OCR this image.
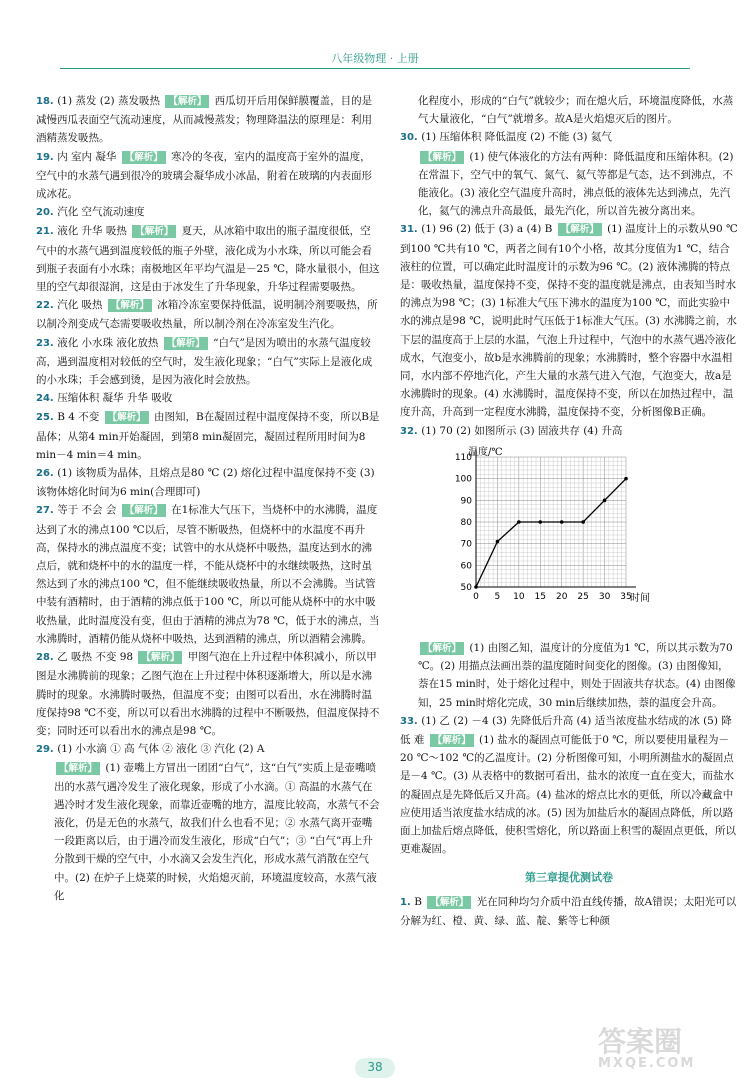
八年级物理 · 上册
18. (1) 蒸发 (2) 蒸发吸热 【解析】 西瓜切开后用保鲜膜覆盖，目的是减慢西瓜表面空气流动速度，从而减慢蒸发；物理降温法的原理是：利用酒精蒸发吸热。
19. 内 室内 凝华 【解析】 寒冷的冬夜，室内的温度高于室外的温度，空气中的水蒸气遇到很冷的玻璃会凝华成小冰晶，附着在玻璃的内表面形成冰花。
20. 汽化 空气流动速度
21. 液化 升华 吸热 【解析】 夏天，从冰箱中取出的瓶子温度很低，空气中的水蒸气遇到温度较低的瓶子外壁，液化成为小水珠，所以可能会看到瓶子表面有小水珠；南极地区年平均气温是－25 ℃，降水量很小，但这里的空气却很湿润，这是由于冰发生了升华现象，升华过程需要吸热。
22. 汽化 吸热 【解析】 冰箱冷冻室要保持低温，说明制冷剂要吸热，所以制冷剂变成气态需要吸收热量，所以制冷剂在冷冻室发生汽化。
23. 液化 小水珠 液化放热 【解析】 “白气”是因为喷出的水蒸气温度较高，遇到温度相对较低的空气时，发生液化现象；“白气”实际上是液化成的小水珠；手会感到烫，是因为液化时会放热。
24. 压缩体积 凝华 升华 吸收
25. B 4 不变 【解析】 由图知，B在凝固过程中温度保持不变，所以B是晶体；从第4 min开始凝固，到第8 min凝固完，凝固过程所用时间为8 min－4 min＝4 min。
26. (1) 该物质为晶体，且熔点是80 ℃ (2) 熔化过程中温度保持不变 (3) 该物体熔化时间为6 min(合理即可)
27. 等于 不会 会 【解析】 在1标准大气压下，当烧杯中的水沸腾，温度达到了水的沸点100 ℃以后，尽管不断吸热，但烧杯中的水温度不再升高，保持水的沸点温度不变；试管中的水从烧杯中吸热，温度达到水的沸点后，就和烧杯中的水的温度一样，不能从烧杯中的水继续吸热，这时虽然达到了水的沸点100 ℃，但不能继续吸收热量，所以不会沸腾。当试管中装有酒精时，由于酒精的沸点低于100 ℃，所以可能从烧杯中的水中吸收热量，此时温度没有变，但由于酒精的沸点为78 ℃，低于水的沸点，当水沸腾时，酒精仍能从烧杯中吸热，达到酒精的沸点，所以酒精会沸腾。
28. 乙 吸热 不变 98 【解析】 甲图气泡在上升过程中体积减小，所以甲图是水沸腾前的现象；乙图气泡在上升过程中体积逐渐增大，所以是水沸腾时的现象。水沸腾时吸热，但温度不变；由图可以看出，水在沸腾时温度保持98 ℃不变，所以可以看出水沸腾的过程中不断吸热，但温度保持不变；同时还可以看出水的沸点是98 ℃。
29. (1) 小水滴 ① 高 气体 ② 液化 ③ 汽化 (2) A
【解析】 (1) 壶嘴上方冒出一团团“白气”，这“白气”实质上是壶嘴喷出的水蒸气遇冷发生了液化现象，形成了小水滴。① 高温的水蒸气在遇冷时才发生液化现象，而靠近壶嘴的地方，温度比较高，水蒸气不会液化，仍是无色的水蒸气，故我们什么也看不见；② 水蒸气离开壶嘴一段距离以后，由于遇冷而发生液化，形成“白气”；③ “白气”再上升分散到干燥的空气中，小水滴又会发生汽化，形成水蒸气消散在空气中。(2) 在炉子上烧菜的时候，火焰熄灭前，环境温度较高，水蒸气液化
化程度小，形成的“白气”就较少；而在熄火后，环境温度降低，水蒸气大量液化，“白气”就增多。故A是火焰熄灭后的图片。
30. (1) 压缩体积 降低温度 (2) 不能 (3) 氦气
【解析】 (1) 使气体液化的方法有两种：降低温度和压缩体积。(2) 在常温下，空气中的氧气、氮气、氦气等都是气态，达不到沸点，不能液化。(3) 液化空气温度升高时，沸点低的液体先达到沸点，先汽化，氦气的沸点升高最低，最先汽化，所以首先被分离出来。
31. (1) 96 (2) 低于 (3) a (4) B 【解析】 (1) 温度计上的示数从90 ℃到100 ℃共有10 ℃，两者之间有10个小格，故其分度值为1 ℃，结合液柱的位置，可以确定此时温度计的示数为96 ℃。(2) 液体沸腾的特点是：吸收热量，温度保持不变，保持不变的温度就是沸点，由表知当时水的沸点为98 ℃；(3) 1标准大气压下沸水的温度为100 ℃，而此实验中水的沸点是98 ℃，说明此时气压低于1标准大气压。(3) 水沸腾之前，水下层的温度高于上层的水温，气泡上升过程中，气泡中的水蒸气遇冷液化成水，气泡变小，故b是水沸腾前的现象；水沸腾时，整个容器中水温相同，水内部不停地汽化，产生大量的水蒸气进入气泡，气泡变大，故a是水沸腾时的现象。(4) 水沸腾时，温度保持不变，所以在加热过程中，温度升高，升高到一定程度水沸腾，温度保持不变，分析图像B正确。
32. (1) 70 (2) 如图所示 (3) 固液共存 (4) 升高
50
60
70
80
90
100
110
0 5 10 15 20 25 30 35
温度/℃
时间
【解析】 (1) 由图乙知，温度计的分度值为1 ℃，所以其示数为70 ℃。(2) 用描点法画出萘的温度随时间变化的图像。(3) 由图像知，萘在15 min时，处于熔化过程中，则处于固液共存状态。(4) 由图像知，25 min时熔化完成，30 min后继续加热，萘的温度会升高。
33. (1) 乙 (2) －4 (3) 先降低后升高 (4) 适当浓度盐水结成的冰 (5) 降低 难 【解析】 (1) 盐水的凝固点可能低于0 ℃，所以要使用量程为－20 ℃～102 ℃的乙温度计。(2) 分析图像可知，小明所测盐水的凝固点是－4 ℃。(3) 从表格中的数据可看出，盐水的浓度一直在变大，而盐水的凝固点是先降低后又升高。(4) 盐冰的熔点比水的更低，所以冷藏盒中应使用适当浓度盐水结成的冰。(5) 因为加盐后水的凝固点降低，所以路面上加盐后熔点降低，使积雪熔化，所以路面上积雪的凝固点更低，所以更难凝固。
第三章提优测试卷
1. B 【解析】 光在同种均匀介质中沿直线传播，故A错误；太阳光可以分解为红、橙、黄、绿、蓝、靛、紫等七种颜
38
答案圈
MXQE.COM
